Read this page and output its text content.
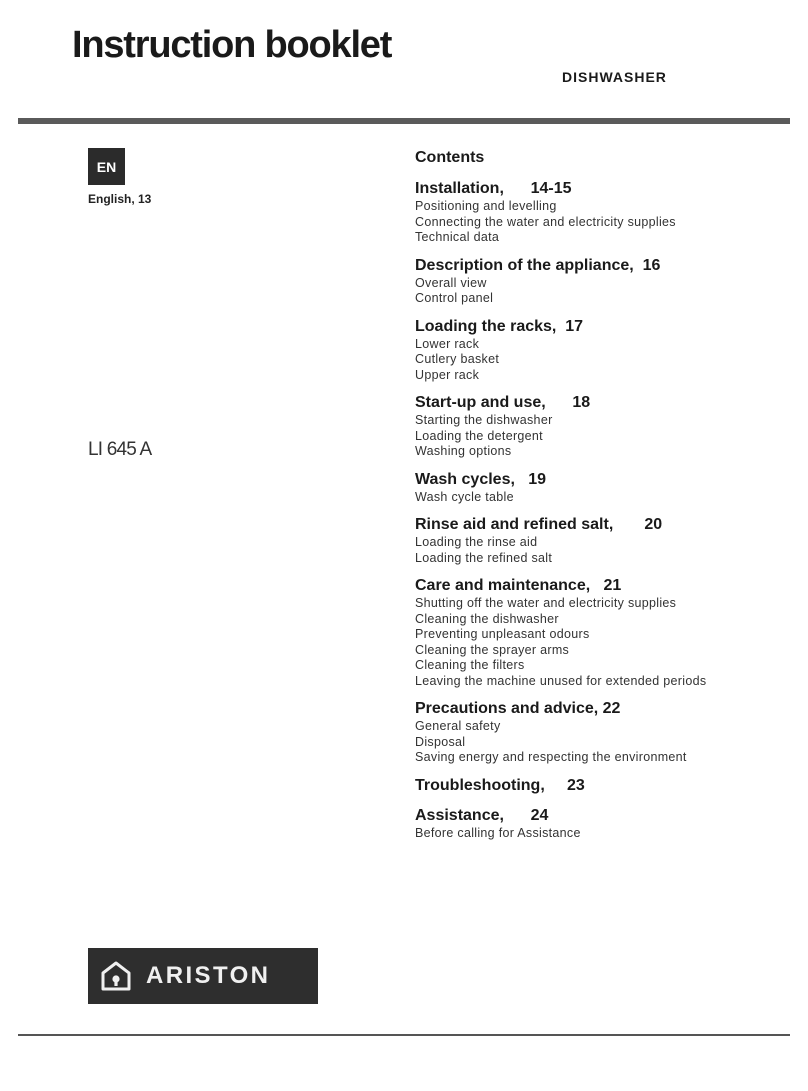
Instruction booklet
DISHWASHER
EN
English, 13
LI 645 A
Contents
Installation, 14-15
Positioning and levelling
Connecting the water and electricity supplies
Technical data
Description of the appliance, 16
Overall view
Control panel
Loading the racks, 17
Lower rack
Cutlery basket
Upper rack
Start-up and use, 18
Starting the dishwasher
Loading the detergent
Washing options
Wash cycles, 19
Wash cycle table
Rinse aid and refined salt, 20
Loading the rinse aid
Loading the refined salt
Care and maintenance, 21
Shutting off the water and electricity supplies
Cleaning the dishwasher
Preventing unpleasant odours
Cleaning the sprayer arms
Cleaning the filters
Leaving the machine unused for extended periods
Precautions and advice, 22
General safety
Disposal
Saving energy and respecting the environment
Troubleshooting, 23
Assistance, 24
Before calling for Assistance
ARISTON
